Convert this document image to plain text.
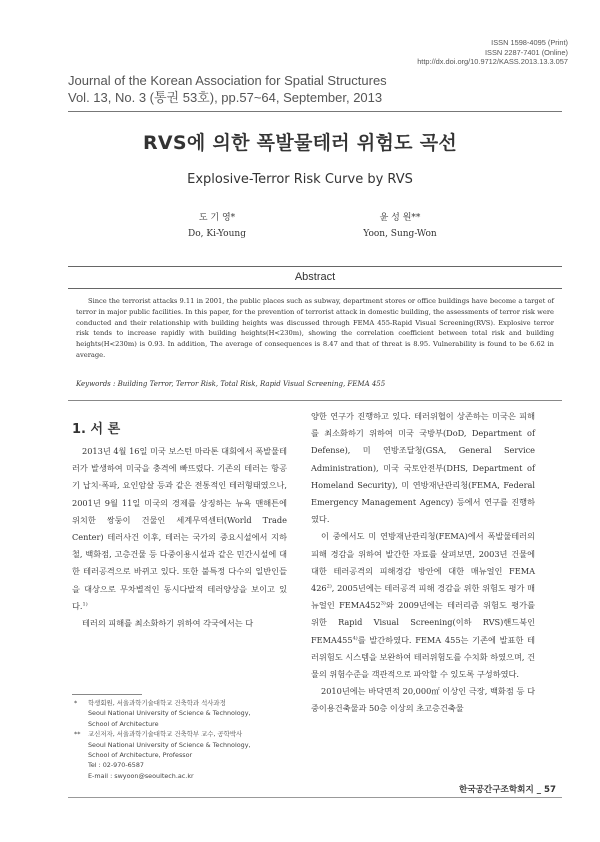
ISSN 1598-4095 (Print)
ISSN 2287-7401 (Online)
http://dx.doi.org/10.9712/KASS.2013.13.3.057
Journal of the Korean Association for Spatial Structures
Vol. 13, No. 3 (통권 53호), pp.57~64, September, 2013
RVS에 의한 폭발물테러 위험도 곡선
Explosive-Terror Risk Curve by RVS
도 기 영*
Do, Ki-Young
윤 성 원**
Yoon, Sung-Won
Abstract

Since the terrorist attacks 9.11 in 2001, the public places such as subway, department stores or office buildings have become a target of terror in major public facilities. In this paper, for the prevention of terrorist attack in domestic building, the assessments of terror risk were conducted and their relationship with building heights was discussed through FEMA 455-Rapid Visual Screening(RVS). Explosive terror risk tends to increase rapidly with building heights(H<230m), showing the correlation coefficient between total risk and building heights(H<230m) is 0.93. In addition, The average of consequences is 8.47 and that of threat is 8.95. Vulnerability is found to be 6.62 in average.

Keywords : Building Terror, Terror Risk, Total Risk, Rapid Visual Screening, FEMA 455
1. 서 론

2013년 4월 16일 미국 보스턴 마라톤 대회에서 폭발물테러가 발생하여 미국을 충격에 빠뜨렸다. 기존의 테러는 항공기 납치·폭파, 요인암살 등과 같은 전통적인 테러형태였으나, 2001년 9월 11일 미국의 경제를 상징하는 뉴욕 맨해튼에 위치한 쌍둥이 건물인 세계무역센터(World Trade Center) 테러사건 이후, 테러는 국가의 중요시설에서 지하철, 백화점, 고층건물 등 다중이용시설과 같은 민간시설에 대한 테러공격으로 바뀌고 있다. 또한 불특정 다수의 일반인들을 대상으로 무차별적인 동시다발적 테러양상을 보이고 있다.$^{1)}$

테러의 피해를 최소화하기 위하여 각국에서는 다

양한 연구가 진행하고 있다. 테러위협이 상존하는 미국은 피해를 최소화하기 위하여 미국 국방부(DoD, Department of Defense), 미 연방조달청(GSA, General Service Administration), 미국 국토안전부(DHS, Department of Homeland Security), 미 연방재난관리청(FEMA, Federal Emergency Management Agency) 등에서 연구를 진행하였다.

이 중에서도 미 연방재난관리청(FEMA)에서 폭발물테러의 피해 경감을 위하여 발간한 자료를 살펴보면, 2003년 건물에 대한 테러공격의 피해경감 방안에 대한 매뉴얼인 FEMA 426$^{2)}$, 2005년에는 테러공격 피해 경감을 위한 위험도 평가 매뉴얼인 FEMA452$^{3)}$와 2009년에는 테러리즘 위험도 평가를 위한 Rapid Visual Screening(이하 RVS)핸드북인 FEMA455$^{4)}$를 발간하였다. FEMA 455는 기존에 발표한 테러위험도 시스템을 보완하여 테러위험도를 수치화 하였으며, 건물의 위험수준을 객관적으로 파악할 수 있도록 구성하였다.

2010년에는 바닥면적 20,000㎡ 이상인 극장, 백화점 등 다중이용건축물과 50층 이상의 초고층건축물

* 학생회원, 서울과학기술대학교 건축학과 석사과정
Seoul National University of Science & Technology,
School of Architecture
** 교신저자, 서울과학기술대학교 건축학부 교수, 공학박사
Seoul National University of Science & Technology,
School of Architecture, Professor
Tel : 02-970-6587
E-mail : swyoon@seoultech.ac.kr
한국공간구조학회지 _ 57
